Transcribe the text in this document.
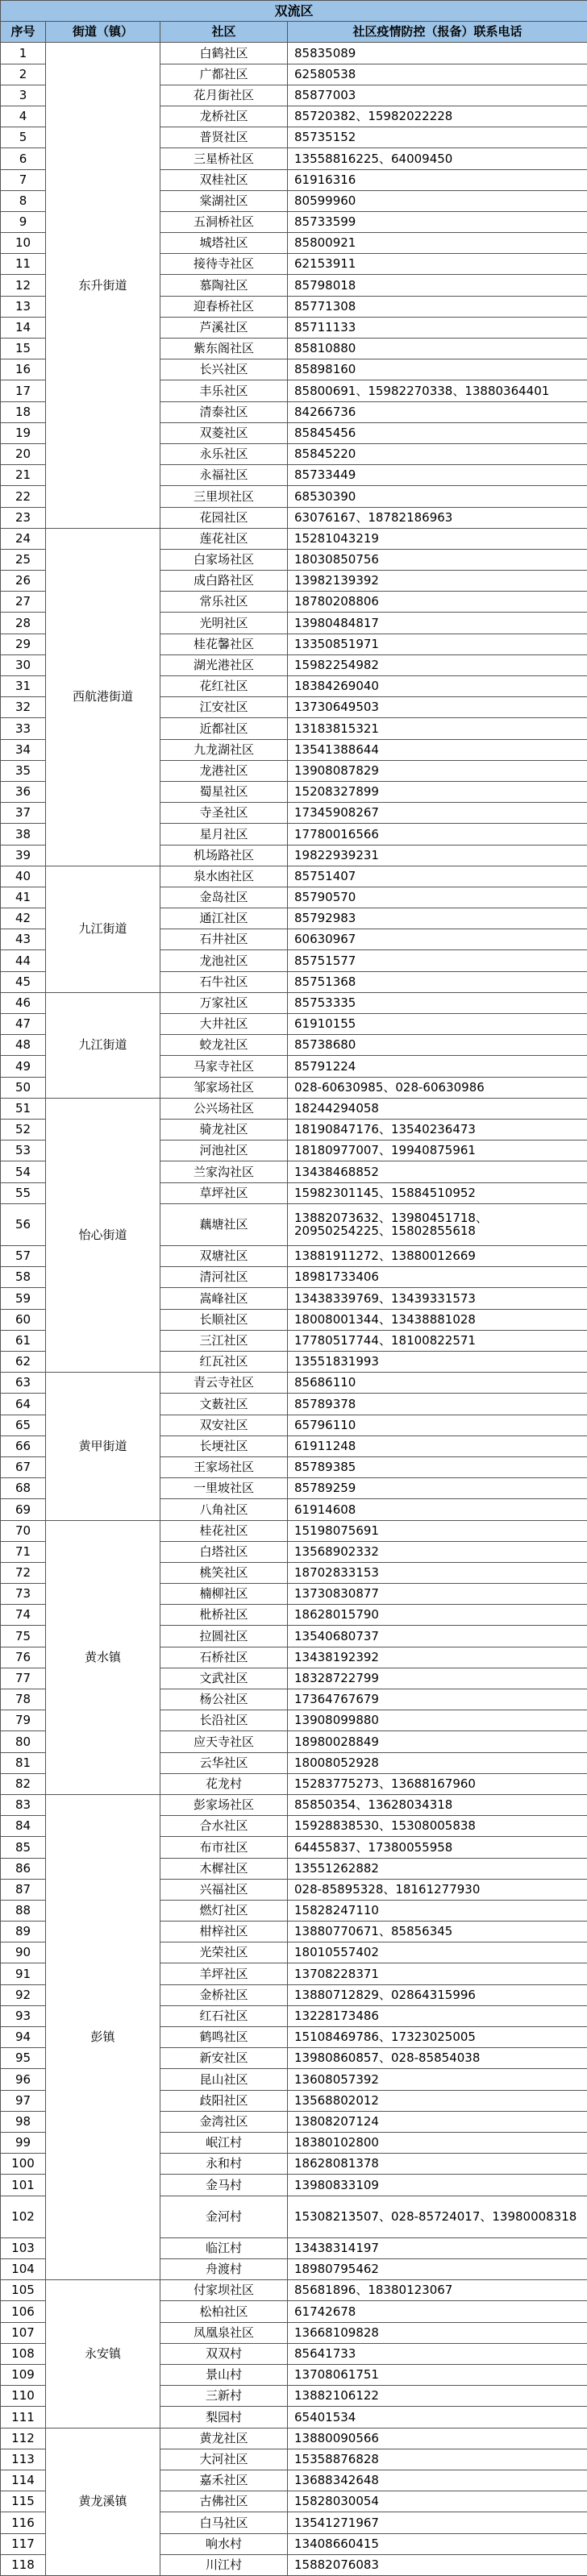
双流区			
序号	街道（镇）	社区	社区疫情防控（报备）联系电话
1	东升街道	白鹤社区	85835089
2		广都社区	62580538
3		花月街社区	85877003
4		龙桥社区	85720382、15982022228
5		普贤社区	85735152
6		三星桥社区	13558816225、64009450
7		双桂社区	61916316
8		棠湖社区	80599960
9		五洞桥社区	85733599
10		城塔社区	85800921
11		接待寺社区	62153911
12		慕陶社区	85798018
13		迎春桥社区	85771308
14		芦溪社区	85711133
15		紫东阁社区	85810880
16		长兴社区	85898160
17		丰乐社区	85800691、15982270338、13880364401
18		清泰社区	84266736
19		双菱社区	85845456
20		永乐社区	85845220
21		永福社区	85733449
22		三里坝社区	68530390
23		花园社区	63076167、18782186963
24	西航港街道	莲花社区	15281043219
25		白家场社区	18030850756
26		成白路社区	13982139392
27		常乐社区	18780208806
28		光明社区	13980484817
29		桂花馨社区	13350851971
30		湖光港社区	15982254982
31		花红社区	18384269040
32		江安社区	13730649503
33		近都社区	13183815321
34		九龙湖社区	13541388644
35		龙港社区	13908087829
36		蜀星社区	15208327899
37		寺圣社区	17345908267
38		星月社区	17780016566
39		机场路社区	19822939231
40	九江街道	泉水凼社区	85751407
41		金岛社区	85790570
42		通江社区	85792983
43		石井社区	60630967
44		龙池社区	85751577
45		石牛社区	85751368
46	九江街道	万家社区	85753335
47		大井社区	61910155
48		蛟龙社区	85738680
49		马家寺社区	85791224
50		邹家场社区	028-60630985、028-60630986
51	怡心街道	公兴场社区	18244294058
52		骑龙社区	18190847176、13540236473
53		河池社区	18180977007、19940875961
54		兰家沟社区	13438468852
55		草坪社区	15982301145、15884510952
56		藕塘社区	13882073632、13980451718、20950254225、15802855618
57		双塘社区	13881911272、13880012669
58		清河社区	18981733406
59		嵩峰社区	13438339769、13439331573
60		长顺社区	18008001344、13438881028
61		三江社区	17780517744、18100822571
62		红瓦社区	13551831993
63	黄甲街道	青云寺社区	85686110
64		文薮社区	85789378
65		双安社区	65796110
66		长埂社区	61911248
67		王家场社区	85789385
68		一里坡社区	85789259
69		八角社区	61914608
70	黄水镇	桂花社区	15198075691
71		白塔社区	13568902332
72		桃笑社区	18702833153
73		楠柳社区	13730830877
74		枇桥社区	18628015790
75		拉圆社区	13540680737
76		石桥社区	13438192392
77		文武社区	18328722799
78		杨公社区	17364767679
79		长沿社区	13908099880
80		应天寺社区	18980028849
81		云华社区	18008052928
82		花龙村	15283775273、13688167960
83	彭镇	彭家场社区	85850354、13628034318
84		合水社区	15928838530、15308005838
85		布市社区	64455837、17380055958
86		木樨社区	13551262882
87		兴福社区	028-85895328、18161277930
88		燃灯社区	15828247110
89		柑梓社区	13880770671、85856345
90		光荣社区	18010557402
91		羊坪社区	13708228371
92		金桥社区	13880712829、02864315996
93		红石社区	13228173486
94		鹤鸣社区	15108469786、17323025005
95		新安社区	13980860857、028-85854038
96		昆山社区	13608057392
97		歧阳社区	13568802012
98		金湾社区	13808207124
99		岷江村	18380102800
100		永和村	18628081378
101		金马村	13980833109
102		金河村	15308213507、028-85724017、13980008318
103		临江村	13438314197
104		舟渡村	18980795462
105	永安镇	付家坝社区	85681896、18380123067
106		松柏社区	61742678
107		凤凰泉社区	13668109828
108		双双村	85641733
109		景山村	13708061751
110		三新村	13882106122
111		梨园村	65401534
112	黄龙溪镇	黄龙社区	13880090566
113		大河社区	15358876828
114		嘉禾社区	13688342648
115		古佛社区	15828030054
116		白马社区	13541271967
117		响水村	13408660415
118		川江村	15882076083
